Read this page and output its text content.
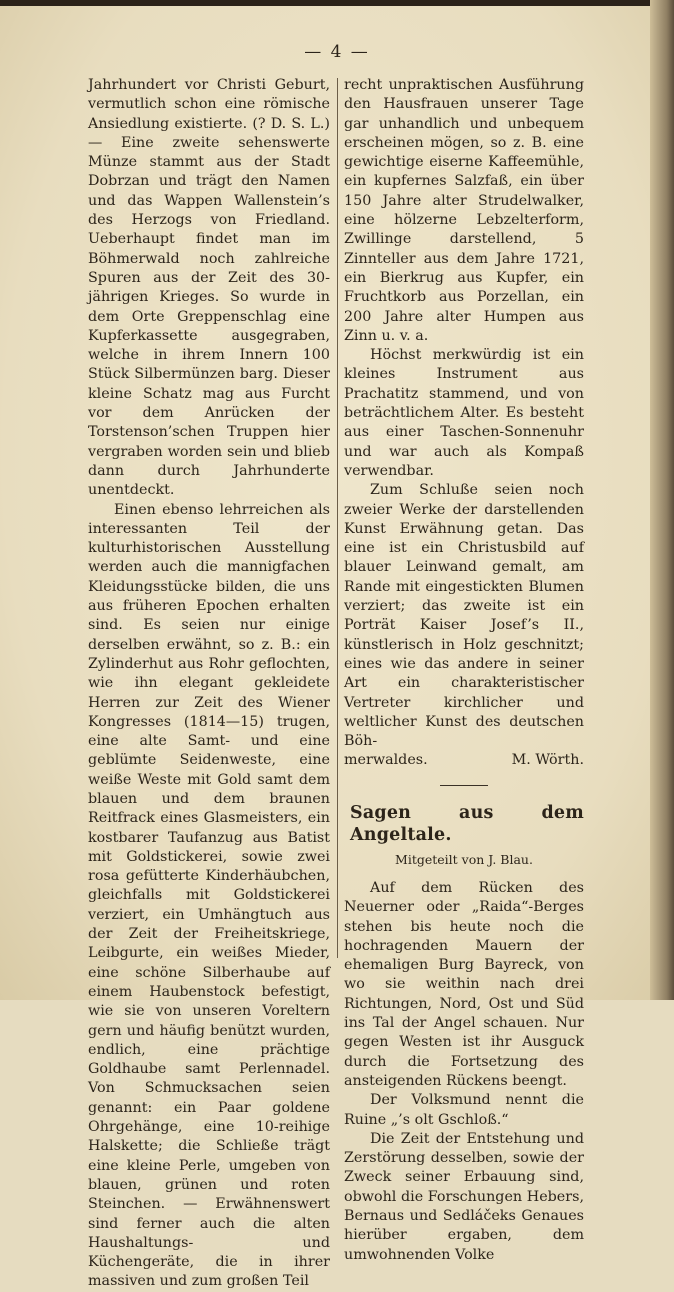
— 4 —

Jahrhundert vor Christi Geburt, vermutlich schon eine römische Ansiedlung existierte. (? D. S. L.) — Eine zweite sehenswerte Münze stammt aus der Stadt Dobrzan und trägt den Namen und das Wappen Wallenstein’s des Herzogs von Friedland. Ueberhaupt findet man im Böhmerwald noch zahlreiche Spuren aus der Zeit des 30-jährigen Krieges. So wurde in dem Orte Greppenschlag eine Kupferkassette ausgegraben, welche in ihrem Innern 100 Stück Silbermünzen barg. Dieser kleine Schatz mag aus Furcht vor dem Anrücken der Torstenson’schen Truppen hier vergraben worden sein und blieb dann durch Jahrhunderte unentdeckt.

Einen ebenso lehrreichen als interessanten Teil der kulturhistorischen Ausstellung werden auch die mannigfachen Kleidungsstücke bilden, die uns aus früheren Epochen erhalten sind. Es seien nur einige derselben erwähnt, so z. B.: ein Zylinderhut aus Rohr geflochten, wie ihn elegant gekleidete Herren zur Zeit des Wiener Kongresses (1814—15) trugen, eine alte Samt- und eine geblümte Seidenweste, eine weiße Weste mit Gold samt dem blauen und dem braunen Reitfrack eines Glasmeisters, ein kostbarer Taufanzug aus Batist mit Goldstickerei, sowie zwei rosa gefütterte Kinderhäubchen, gleichfalls mit Goldstickerei verziert, ein Umhängtuch aus der Zeit der Freiheitskriege, Leibgurte, ein weißes Mieder, eine schöne Silberhaube auf einem Haubenstock befestigt, wie sie von unseren Voreltern gern und häufig benützt wurden, endlich, eine prächtige Goldhaube samt Perlennadel. Von Schmucksachen seien genannt: ein Paar goldene Ohrgehänge, eine 10-reihige Halskette; die Schließe trägt eine kleine Perle, umgeben von blauen, grünen und roten Steinchen. — Erwähnenswert sind ferner auch die alten Haushaltungs- und Küchengeräte, die in ihrer massiven und zum großen Teil

recht unpraktischen Ausführung den Hausfrauen unserer Tage gar unhandlich und unbequem erscheinen mögen, so z. B. eine gewichtige eiserne Kaffeemühle, ein kupfernes Salzfaß, ein über 150 Jahre alter Strudelwalker, eine hölzerne Lebzelterform, Zwillinge darstellend, 5 Zinnteller aus dem Jahre 1721, ein Bierkrug aus Kupfer, ein Fruchtkorb aus Porzellan, ein 200 Jahre alter Humpen aus Zinn u. v. a.

Höchst merkwürdig ist ein kleines Instrument aus Prachatitz stammend, und von beträchtlichem Alter. Es besteht aus einer Taschen-Sonnenuhr und war auch als Kompaß verwendbar.

Zum Schluße seien noch zweier Werke der darstellenden Kunst Erwähnung getan. Das eine ist ein Christusbild auf blauer Leinwand gemalt, am Rande mit eingestickten Blumen verziert; das zweite ist ein Porträt Kaiser Josef’s II., künstlerisch in Holz geschnitzt; eines wie das andere in seiner Art ein charakteristischer Vertreter kirchlicher und weltlicher Kunst des deutschen Böh-

merwaldes.	M. Wörth.
Sagen aus dem Angeltale.
Mitgeteilt von J. Blau.

Auf dem Rücken des Neuerner oder „Raida“-Berges stehen bis heute noch die hochragenden Mauern der ehemaligen Burg Bayreck, von wo sie weithin nach drei Richtungen, Nord, Ost und Süd ins Tal der Angel schauen. Nur gegen Westen ist ihr Ausguck durch die Fortsetzung des ansteigenden Rückens beengt.

Der Volksmund nennt die Ruine „’s olt Gschloß.“

Die Zeit der Entstehung und Zerstörung desselben, sowie der Zweck seiner Erbauung sind, obwohl die Forschungen Hebers, Bernaus und Sedláčeks Genaues hierüber ergaben, dem umwohnenden Volke
